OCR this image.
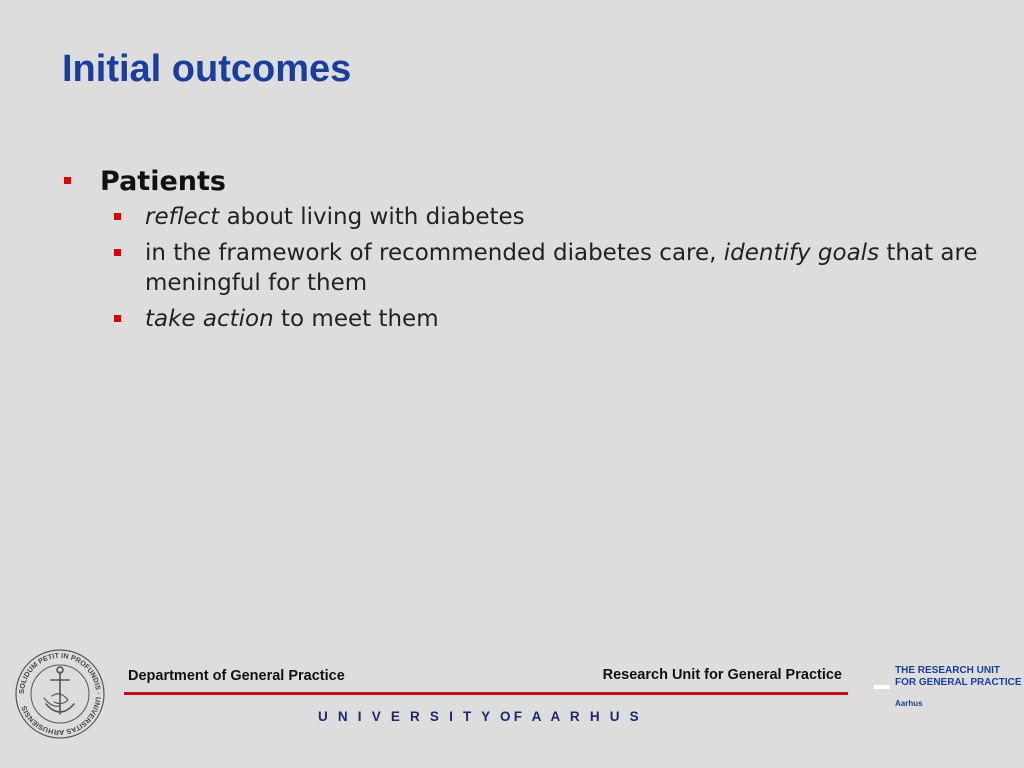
Initial outcomes
Patients
reflect about living with diabetes
in the framework of recommended diabetes care, identify goals that are meningful for them
take action to meet them
SOLIDUM PETIT IN PROFUNDIS · UNIVERSITAS ARHUSIENSIS
Department of General Practice	Research Unit for General Practice
U N I V E R S I T Y OF A A R H U S
THE RESEARCH UNIT
FOR GENERAL PRACTICE
Aarhus
